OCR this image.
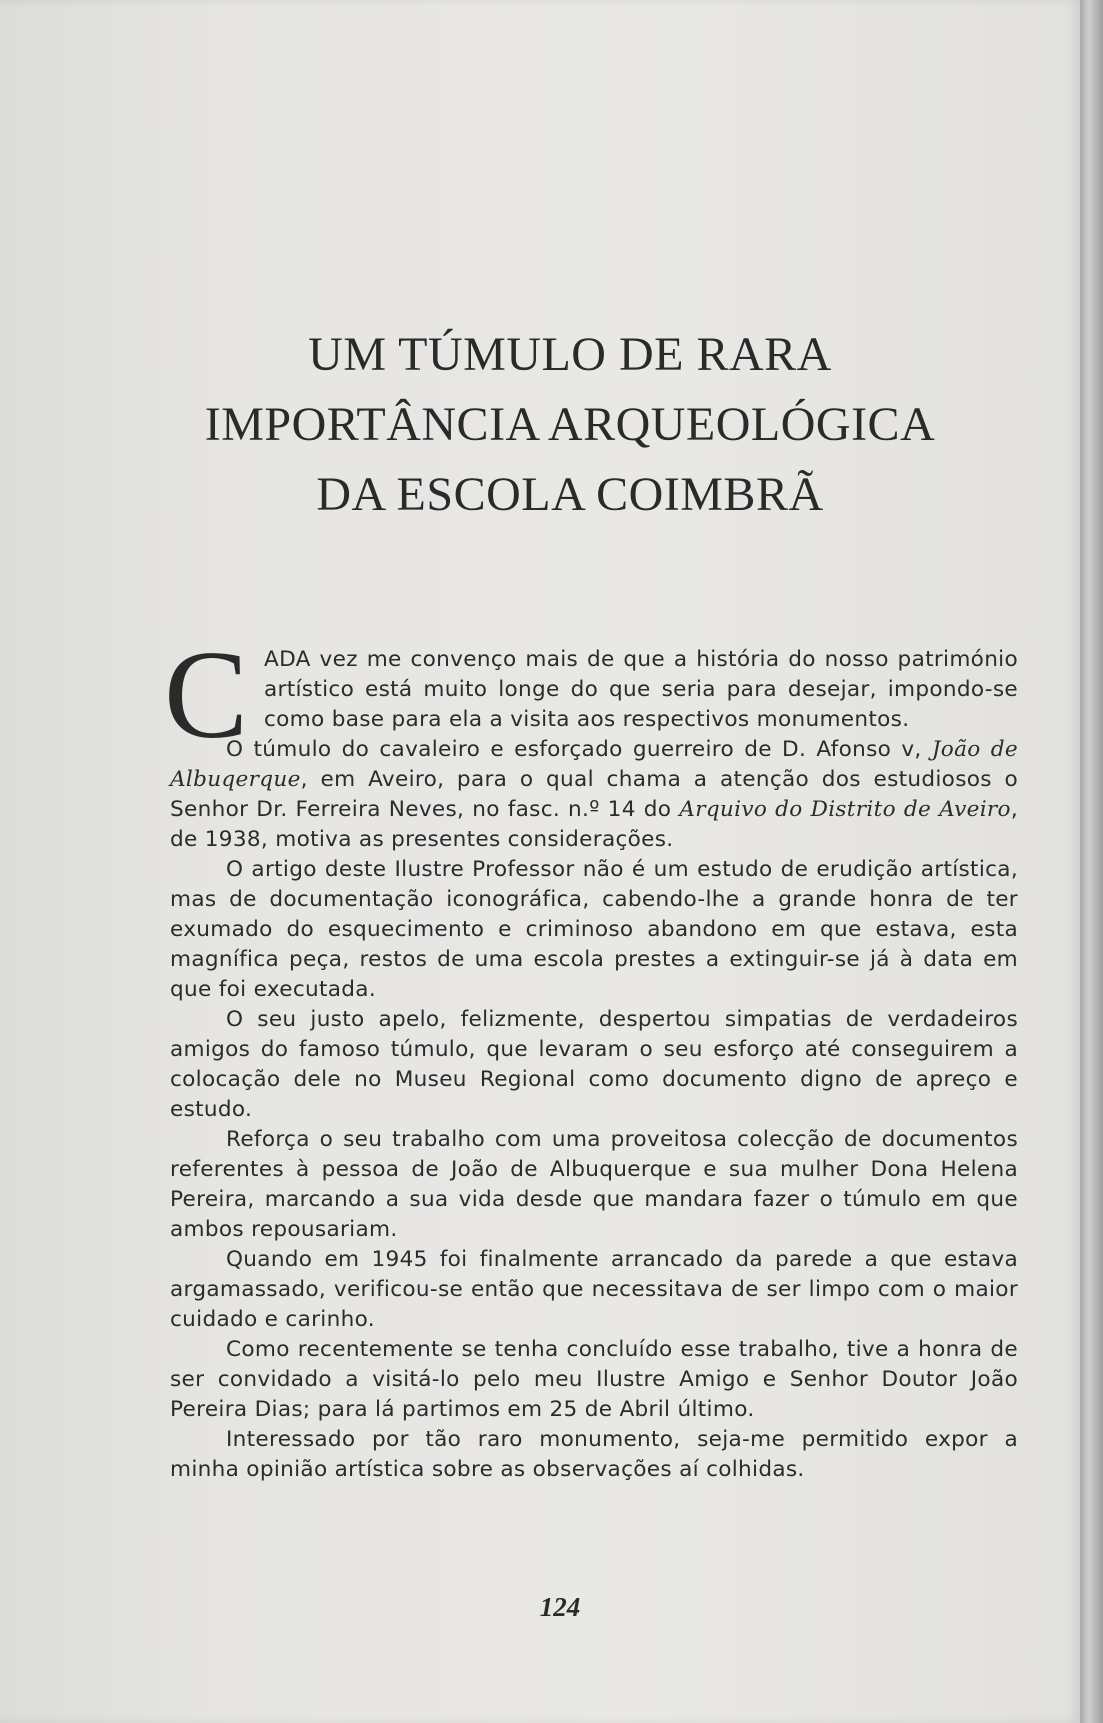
UM TÚMULO DE RARA
IMPORTÂNCIA ARQUEOLÓGICA
DA ESCOLA COIMBRÃ

C ADA vez me convenço mais de que a história do nosso património artístico está muito longe do que seria para desejar, impondo-se como base para ela a visita aos respectivos monumentos.

O túmulo do cavaleiro e esforçado guerreiro de D. Afonso v, João de Albuqerque, em Aveiro, para o qual chama a atenção dos estudiosos o Senhor Dr. Ferreira Neves, no fasc. n.º 14 do Arquivo do Distrito de Aveiro, de 1938, motiva as presentes considerações.

O artigo deste Ilustre Professor não é um estudo de erudição artística, mas de documentação iconográfica, cabendo-lhe a grande honra de ter exumado do esquecimento e criminoso abandono em que estava, esta magnífica peça, restos de uma escola prestes a extinguir-se já à data em que foi executada.

O seu justo apelo, felizmente, despertou simpatias de verdadeiros amigos do famoso túmulo, que levaram o seu esforço até conseguirem a colocação dele no Museu Regional como documento digno de apreço e estudo.

Reforça o seu trabalho com uma proveitosa colecção de documentos referentes à pessoa de João de Albuquerque e sua mulher Dona Helena Pereira, marcando a sua vida desde que mandara fazer o túmulo em que ambos repousariam.

Quando em 1945 foi finalmente arrancado da parede a que estava argamassado, verificou-se então que necessitava de ser limpo com o maior cuidado e carinho.

Como recentemente se tenha concluído esse trabalho, tive a honra de ser convidado a visitá-lo pelo meu Ilustre Amigo e Senhor Doutor João Pereira Dias; para lá partimos em 25 de Abril último.

Interessado por tão raro monumento, seja-me permitido expor a minha opinião artística sobre as observações aí colhidas.

124
